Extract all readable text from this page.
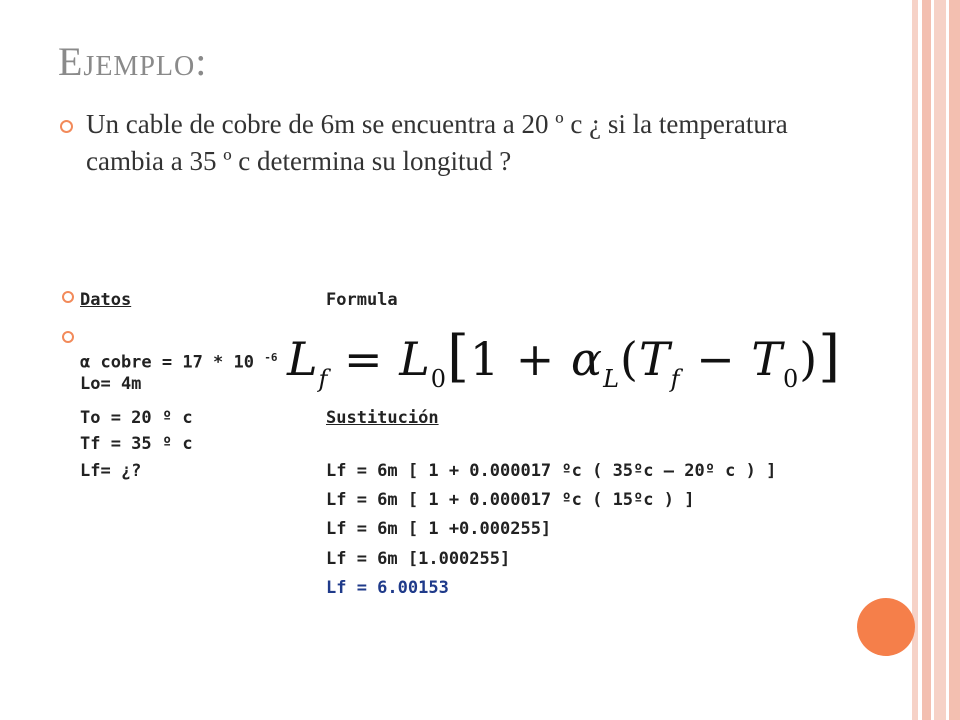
Ejemplo:

Un cable de cobre de 6m se encuentra a 20 º c ¿ si la temperatura cambia a 35 º c determina su longitud ?

Datos	Formula
α cobre = 17 * 10 $^{-6}$
Lo= 4m
To = 20 º c
Tf = 35 º c
Lf= ¿?
$L_f = L_0[1 + \alpha_L(T_f - T_0)]$
Sustitución
Lf = 6m [ 1 + 0.000017 ºc ( 35ºc – 20º c ) ]
Lf = 6m [ 1 + 0.000017 ºc ( 15ºc ) ]
Lf = 6m [ 1 +0.000255]
Lf = 6m [1.000255]
Lf = 6.00153
